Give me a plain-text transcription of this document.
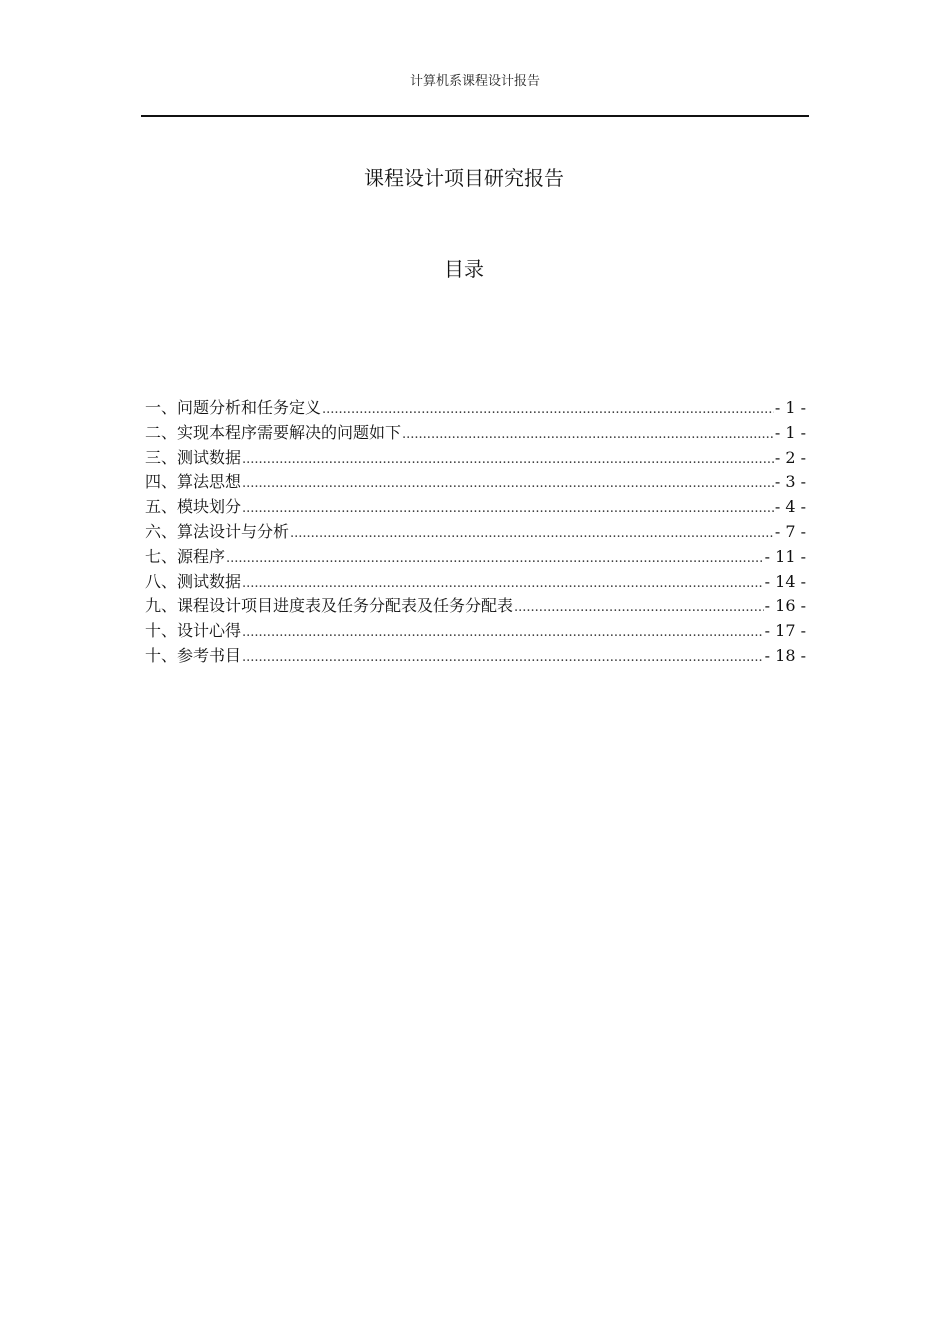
计算机系课程设计报告
课程设计项目研究报告
目录
一、问题分析和任务定义 .....	- 1 -
二、实现本程序需要解决的问题如下 .....	- 1 -
三、测试数据 .....	- 2 -
四、算法思想 .....	- 3 -
五、模块划分 .....	- 4 -
六、算法设计与分析 .....	- 7 -
七、源程序 .....	- 11 -
八、测试数据 .....	- 14 -
九、课程设计项目进度表及任务分配表及任务分配表 .....	- 16 -
十、设计心得 .....	- 17 -
十、参考书目 .....	- 18 -
